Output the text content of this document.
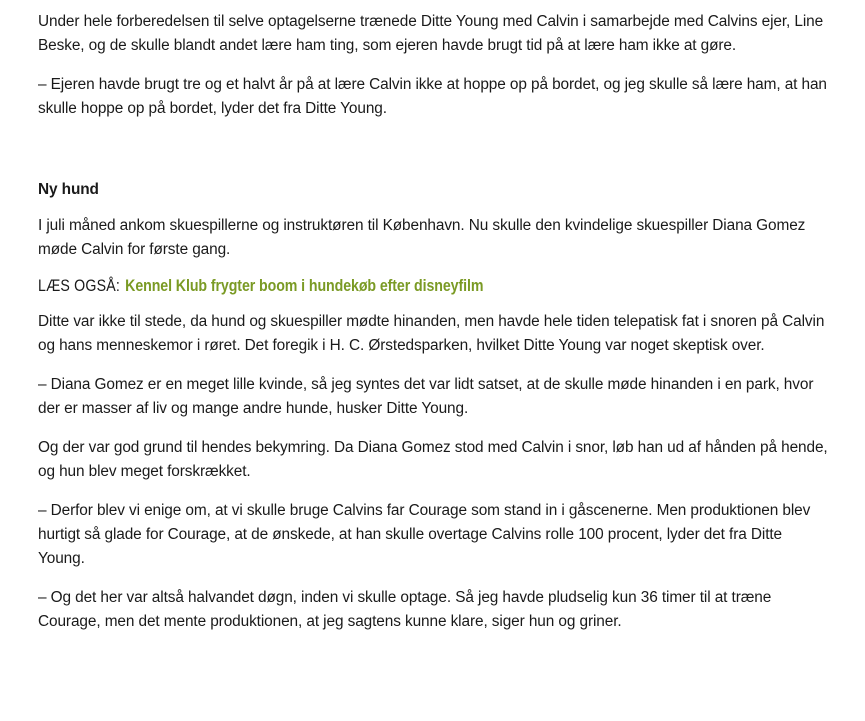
Under hele forberedelsen til selve optagelserne trænede Ditte Young med Calvin i samarbejde med Calvins ejer, Line Beske, og de skulle blandt andet lære ham ting, som ejeren havde brugt tid på at lære ham ikke at gøre.

– Ejeren havde brugt tre og et halvt år på at lære Calvin ikke at hoppe op på bordet, og jeg skulle så lære ham, at han skulle hoppe op på bordet, lyder det fra Ditte Young.

Ny hund

I juli måned ankom skuespillerne og instruktøren til København. Nu skulle den kvindelige skuespiller Diana Gomez møde Calvin for første gang.

LÆS OGSÅ: Kennel Klub frygter boom i hundekøb efter disneyfilm

Ditte var ikke til stede, da hund og skuespiller mødte hinanden, men havde hele tiden telepatisk fat i snoren på Calvin og hans menneskemor i røret. Det foregik i H. C. Ørstedsparken, hvilket Ditte Young var noget skeptisk over.

– Diana Gomez er en meget lille kvinde, så jeg syntes det var lidt satset, at de skulle møde hinanden i en park, hvor der er masser af liv og mange andre hunde, husker Ditte Young.

Og der var god grund til hendes bekymring. Da Diana Gomez stod med Calvin i snor, løb han ud af hånden på hende, og hun blev meget forskrækket.

– Derfor blev vi enige om, at vi skulle bruge Calvins far Courage som stand in i gåscenerne. Men produktionen blev hurtigt så glade for Courage, at de ønskede, at han skulle overtage Calvins rolle 100 procent, lyder det fra Ditte Young.

– Og det her var altså halvandet døgn, inden vi skulle optage. Så jeg havde pludselig kun 36 timer til at træne Courage, men det mente produktionen, at jeg sagtens kunne klare, siger hun og griner.
